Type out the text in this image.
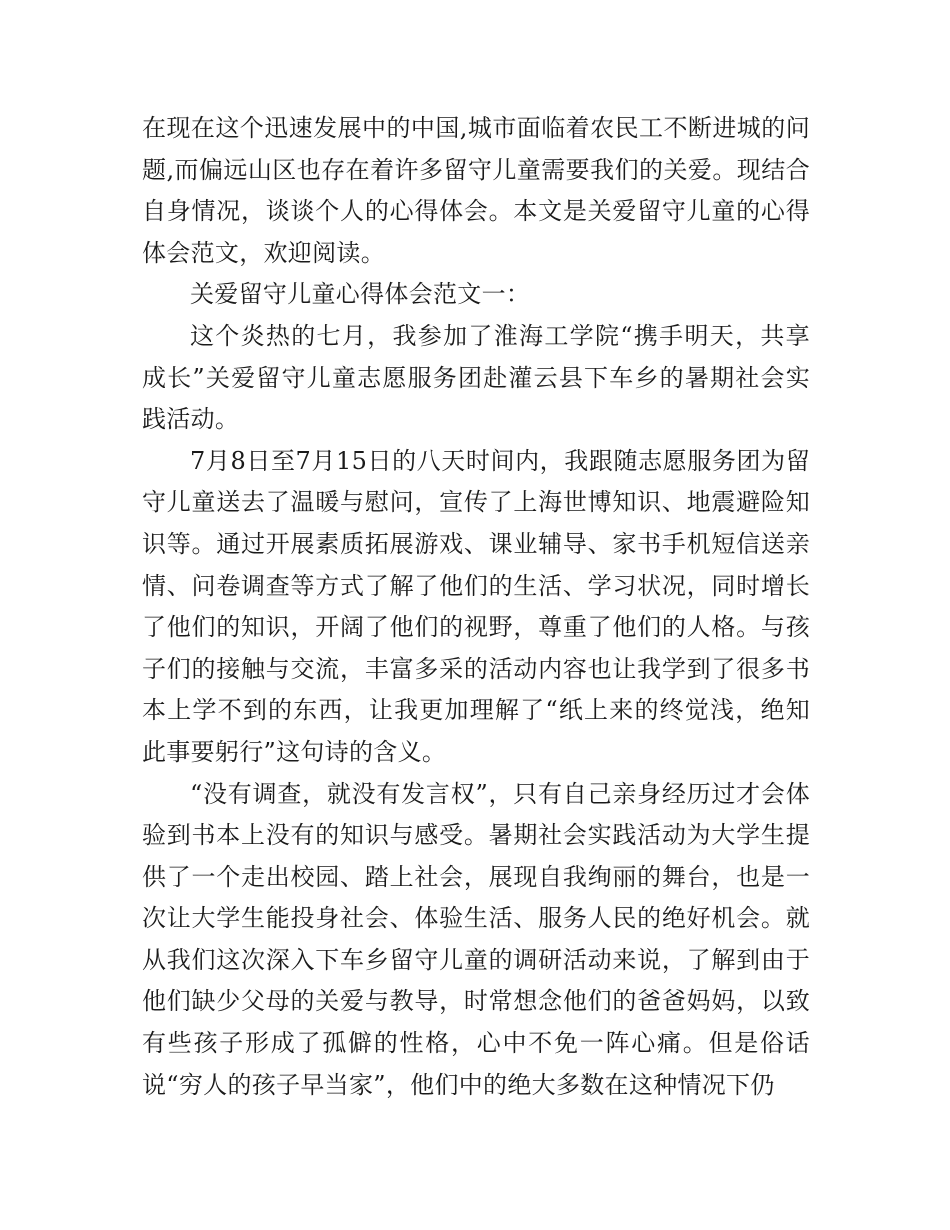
在现在这个迅速发展中的中国,城市面临着农民工不断进城的问题,而偏远山区也存在着许多留守儿童需要我们的关爱。现结合自身情况，谈谈个人的心得体会。本文是关爱留守儿童的心得体会范文，欢迎阅读。

关爱留守儿童心得体会范文一：

这个炎热的七月，我参加了淮海工学院“携手明天，共享成长”关爱留守儿童志愿服务团赴灌云县下车乡的暑期社会实践活动。

7月8日至7月15日的八天时间内，我跟随志愿服务团为留守儿童送去了温暖与慰问，宣传了上海世博知识、地震避险知识等。通过开展素质拓展游戏、课业辅导、家书手机短信送亲情、问卷调查等方式了解了他们的生活、学习状况，同时增长了他们的知识，开阔了他们的视野，尊重了他们的人格。与孩子们的接触与交流，丰富多采的活动内容也让我学到了很多书本上学不到的东西，让我更加理解了“纸上来的终觉浅，绝知此事要躬行”这句诗的含义。

“没有调查，就没有发言权”，只有自己亲身经历过才会体验到书本上没有的知识与感受。暑期社会实践活动为大学生提供了一个走出校园、踏上社会，展现自我绚丽的舞台，也是一次让大学生能投身社会、体验生活、服务人民的绝好机会。就从我们这次深入下车乡留守儿童的调研活动来说，了解到由于他们缺少父母的关爱与教导，时常想念他们的爸爸妈妈，以致有些孩子形成了孤僻的性格，心中不免一阵心痛。但是俗话说“穷人的孩子早当家”，他们中的绝大多数在这种情况下仍
